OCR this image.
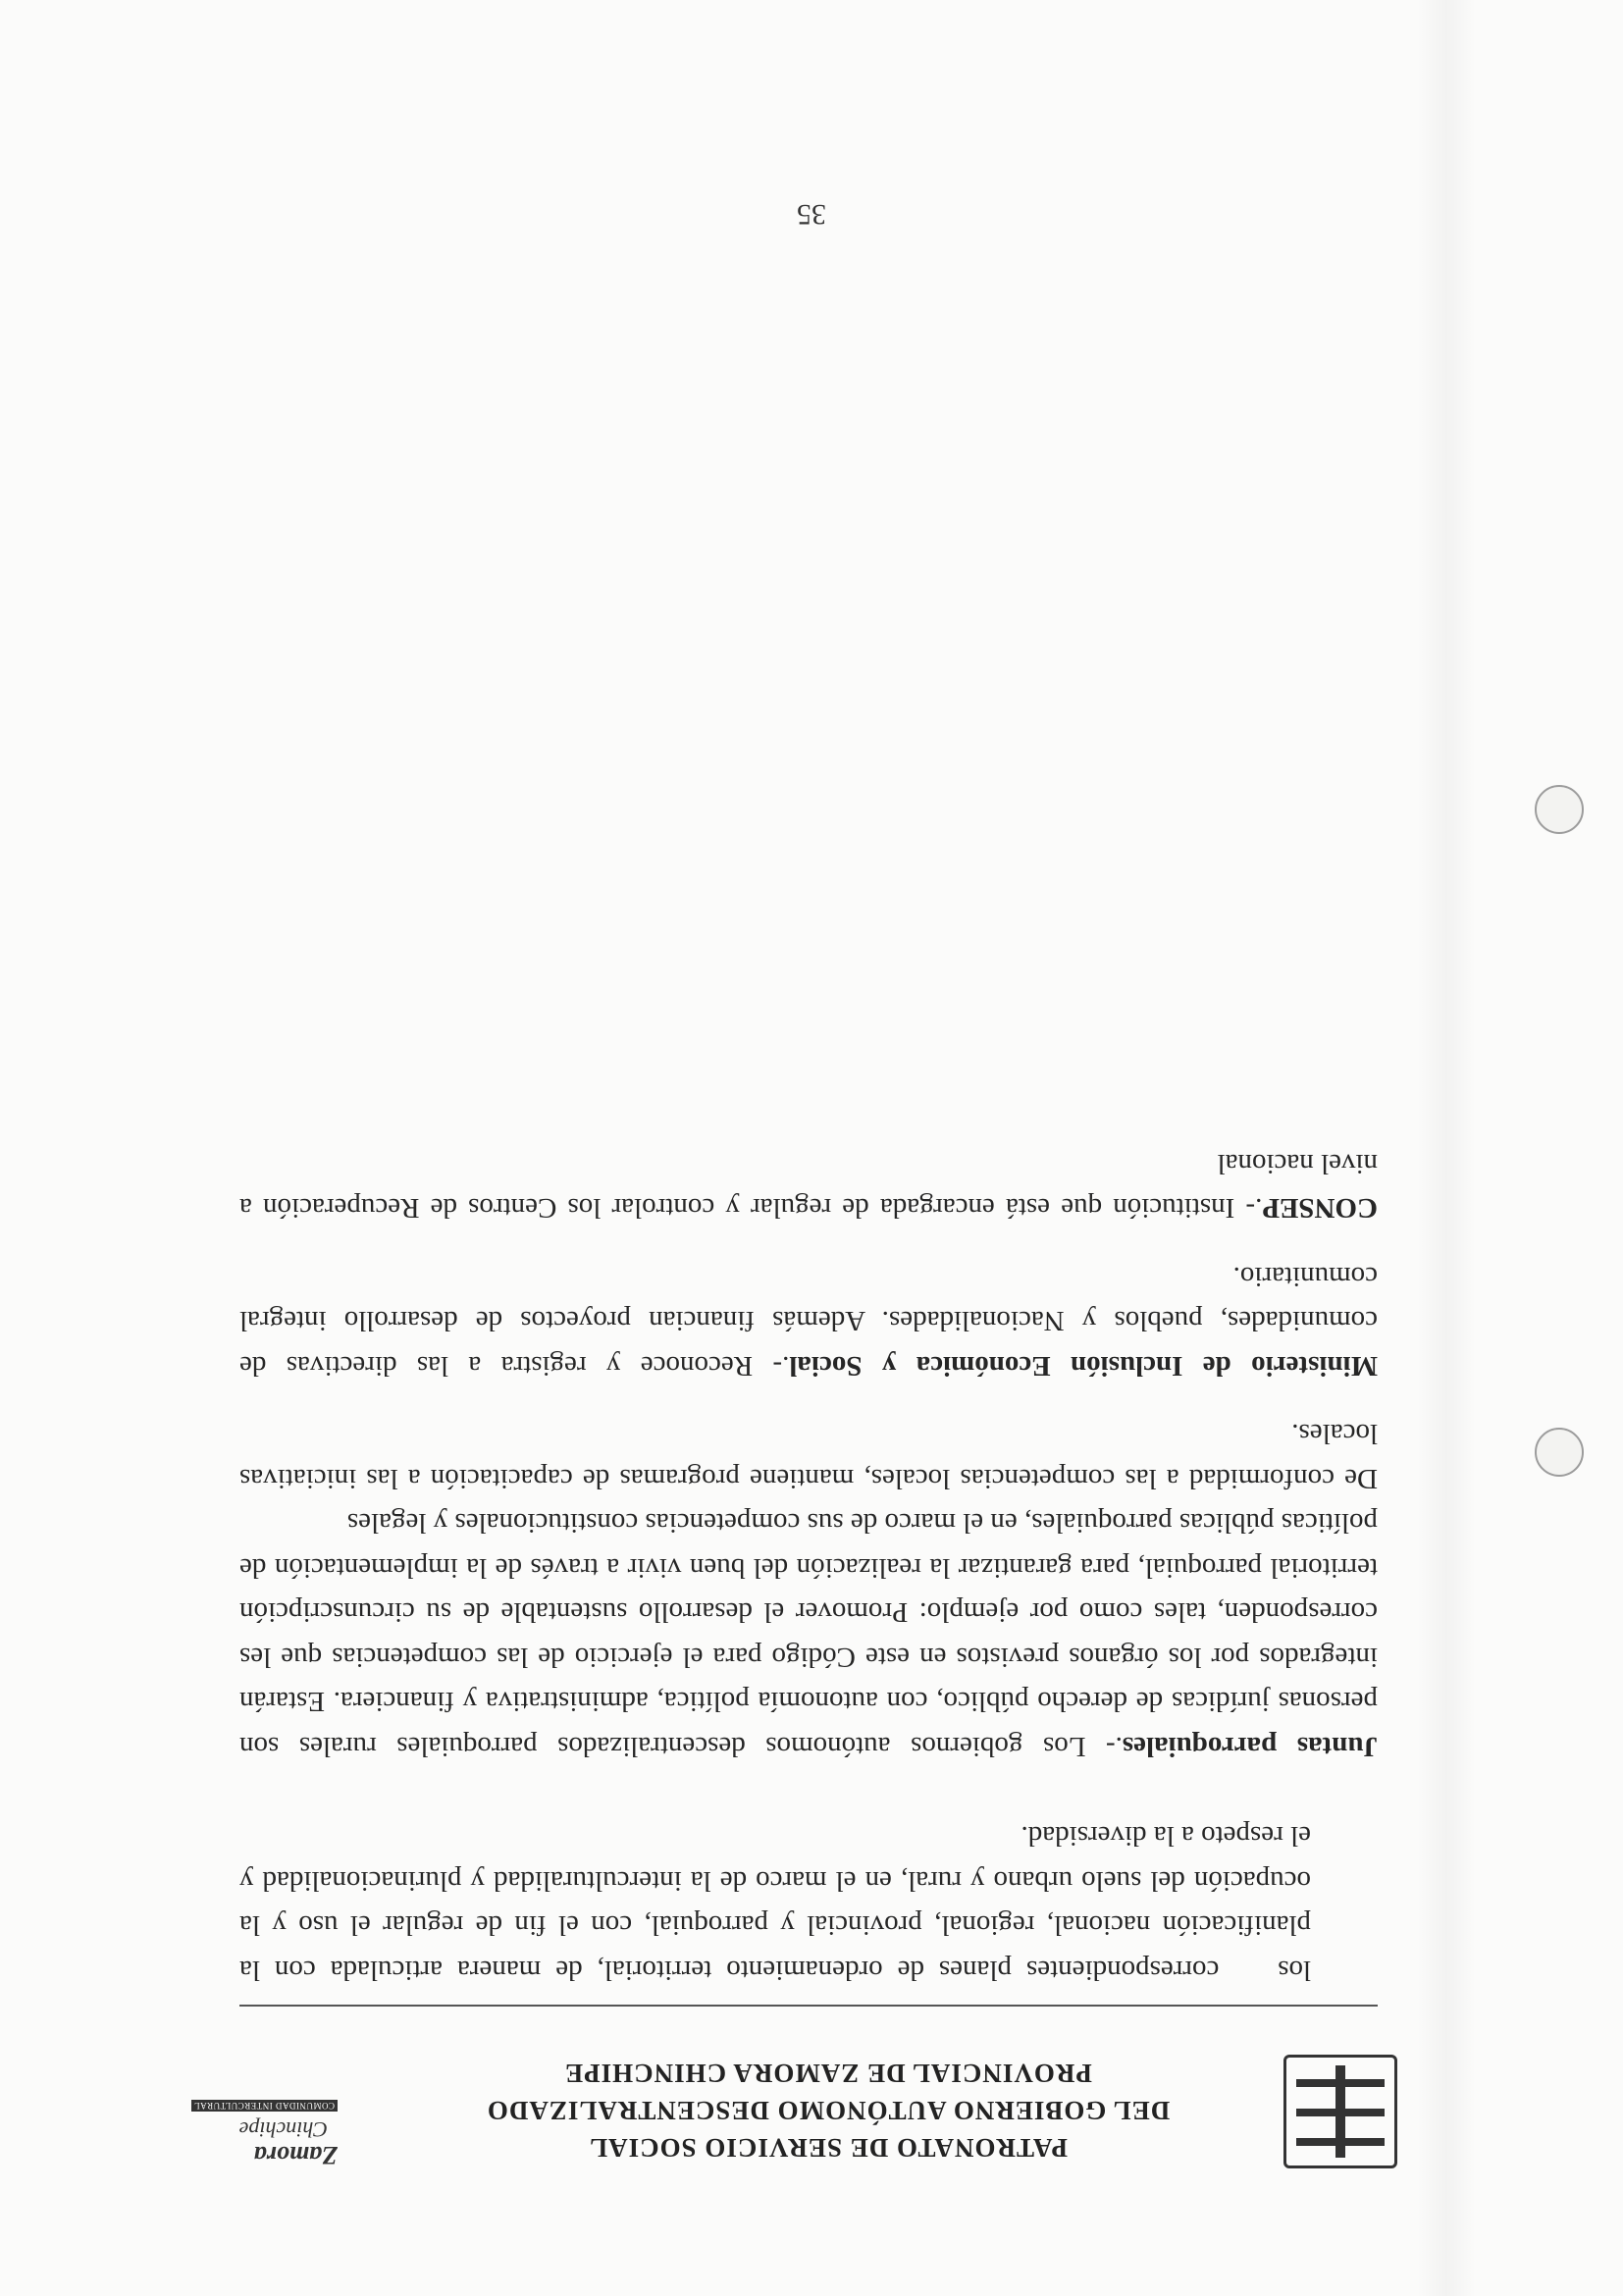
PATRONATO DE SERVICIO SOCIAL
DEL GOBIERNO AUTÓNOMO DESCENTRALIZADO
PROVINCIAL DE ZAMORA CHINCHIPE
Zamora
Chinchipe
COMUNIDAD INTERCULTURAL

los    correspondientes planes de ordenamiento territorial, de manera articulada con la planificación nacional, regional, provincial y parroquial, con el fin de regular el uso y la ocupación del suelo urbano y rural, en el marco de la interculturalidad y plurinacionalidad y el respeto a la diversidad.

Juntas parroquiales.- Los gobiernos autónomos descentralizados parroquiales rurales son personas jurídicas de derecho público, con autonomía política, administrativa y financiera. Estarán integrados por los órganos previstos en este Código para el ejercicio de las competencias que les corresponden, tales como por ejemplo: Promover el desarrollo sustentable de su circunscripción territorial parroquial, para garantizar la realización del buen vivir a través de la implementación de políticas públicas parroquiales, en el marco de sus competencias constitucionales y legales

De conformidad a las competencias locales, mantiene programas de capacitación a las iniciativas locales.

Ministerio de Inclusión Económica y Social.- Reconoce y registra a las directivas de comunidades, pueblos y Nacionalidades. Además financian proyectos de desarrollo integral comunitario.

CONSEP.- Institución que está encargada de regular y controlar los Centros de Recuperación a nivel nacional

35
